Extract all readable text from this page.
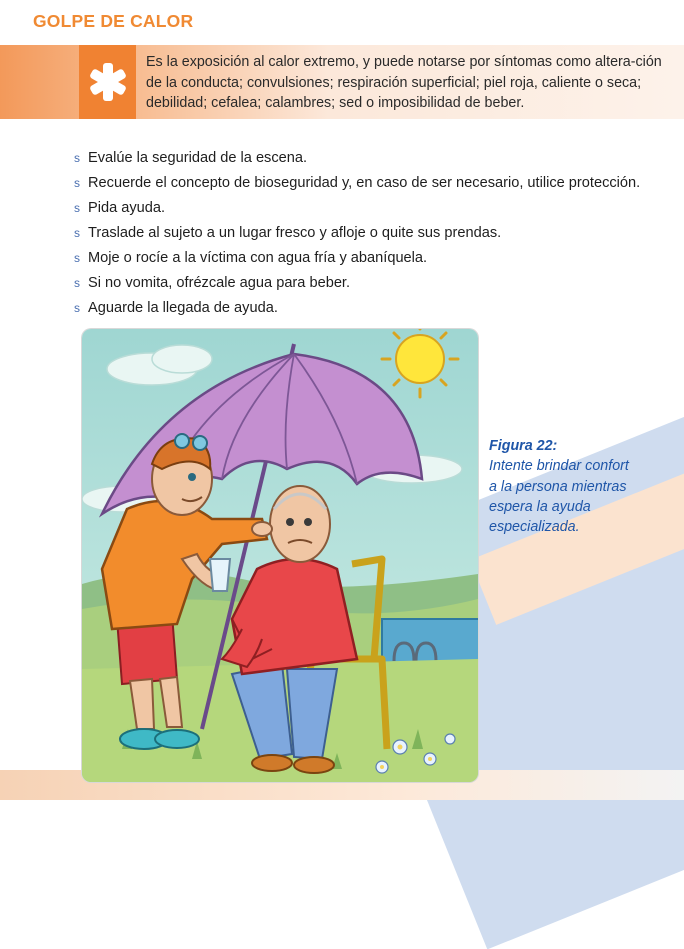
GOLPE DE CALOR

Es la exposición al calor extremo, y puede notarse por síntomas como altera-ción de la conducta; convulsiones; respiración superficial; piel roja, caliente o seca; debilidad; cefalea; calambres; sed o imposibilidad de beber.

s Evalúe la seguridad de la escena.
s Recuerde el concepto de bioseguridad y, en caso de ser necesario, utilice protección.
s Pida ayuda.
s Traslade al sujeto a un lugar fresco y afloje o quite sus prendas.
s Moje o rocíe a la víctima con agua fría y abaníquela.
s Si no vomita, ofrézcale agua para beber.
s Aguarde la llegada de ayuda.
Figura 22:
Intente brindar confort a la persona mientras espera la ayuda especializada.
